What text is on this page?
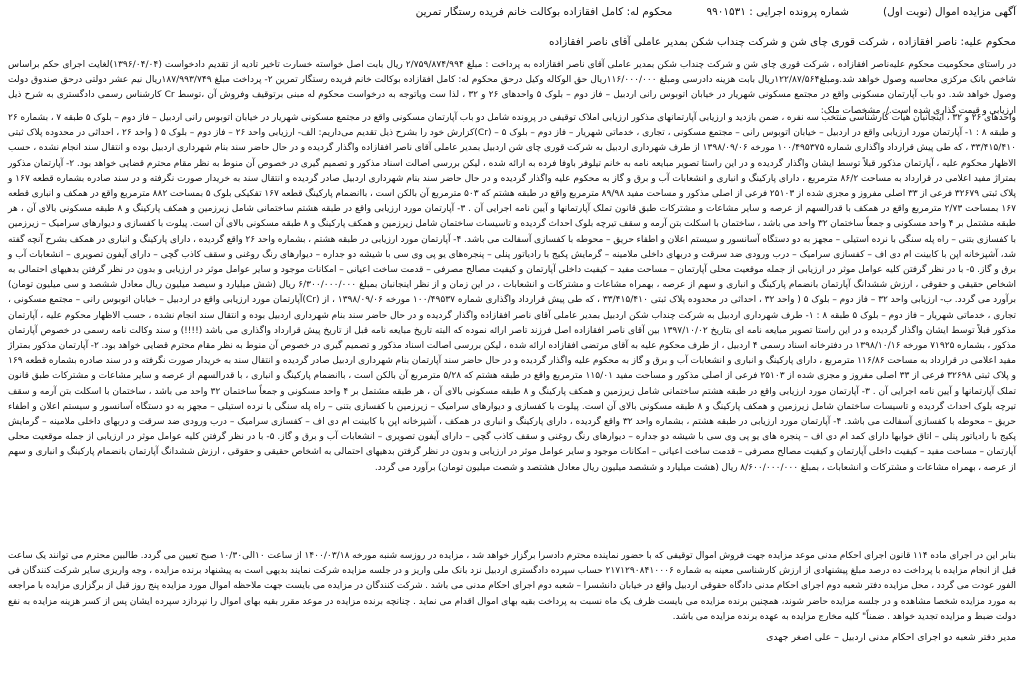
آگهی مزایده اموال (نوبت اول)
شماره پرونده اجرایی : ۹۹۰۱۵۳۱
محکوم له: کامل افقازاده بوکالت خانم فریده رستگار تمرین
محکوم علیه: ناصر افقازاده ، شرکت قوری چای شن و شرکت چنداب شکن بمدیر عاملی آقای ناصر افقازاده

در راستای محکومیت محکوم علیه‌ناصر افقازاده ، شرکت قوری چای شن و شرکت چنداب شکن بمدیر عاملی آقای ناصر افقازاده به پرداخت : مبلغ ۲/۷۵۹/۸۷۴/۹۹۴ ریال بابت اصل خواسته خسارت تاخیر تادیه از تقدیم دادخواست (۱۳۹۶/۰۴/۰۴)لغایت اجرای حکم براساس شاخص بانک مرکزی محاسبه وصول خواهد شد.ومبلغ۱۲۲/۸۷/۵۶۴ریال بابت هزینه دادرسی ومبلغ ۱۱۶/۰۰۰/۰۰۰ریال حق الوکاله وکیل درحق محکوم له: کامل افقازاده بوکالت خانم فریده رستگار تمرین ۲- پرداخت مبلغ ۱۸۷/۹۹۳/۷۴۹ریال نیم عشر دولتی درحق صندوق دولت وصول خواهد شد. دو باب آپارتمان مسکونی واقع در مجتمع مسکونی شهریار در خیابان اتوبوس رانی اردبیل – فاز دوم – بلوک ۵ واحدهای ۲۶ و ۳۲ ، لذا ست ویاتوجه به درخواست محکوم له مبنی برتوقیف وفروش آن ،توسط Cr کارشناس رسمی دادگستری به شرح ذیل ارزیابی و قیمت گذاری شده است./. مشخصات ملک:

واحدهای ۲۶ و ۳۲ ، اینجانبان هیات کارشناسی منتخب سه نفره ، ضمن بازدید و ارزیابی آپارتمانهای مذکور ارزیابی املاک توقیفی در پرونده شامل دو باب آپارتمان مسکونی واقع در مجتمع مسکونی شهریار در خیابان اتوبوس رانی اردبیل – فاز دوم – بلوک ۵ طبقه ۷ ، بشماره ۲۶ و طبقه ۸ : ۱- آپارتمان مورد ارزیابی واقع در اردبیل – خیابان اتوبوس رانی – مجتمع مسکونی ، تجاری ، خدماتی شهریار – فاز دوم – بلوک ۵ – (Cr)کزارش خود را بشرح ذیل تقدیم می‌داریم: الف- ارزیابی واحد ۲۶ – فاز دوم – بلوک ۵ ( واحد ۲۶ ، احداثی در محدوده پلاک ثبتی ۳۳/۴۱۵/۴۱۰ ، که طی پیش قرارداد واگذاری شماره ۱۰۰/۴۹۵۳۷۵ مورخه ۱۳۹۸/۰۹/۰۶ از طرف شهرداری اردبیل به شرکت قوری چای شن اردبیل بمدیر عاملی آقای ناصر افقازاده واگذار گردیده و در حال حاضر سند بنام شهرداری اردبیل بوده و انتقال سند انجام نشده ، حسب الاظهار محکوم علیه ، آپارتمان مذکور قبلاً توسط ایشان واگذار گردیده و در این راستا تصویر مبایعه نامه به خانم تیلوفر باوفا فرده به ارائه شده ، لیکن بررسی اصالت اسناد مذکور و تصمیم گیری در خصوص آن منوط به نظر مقام محترم قضایی خواهد بود. ۲- آپارتمان مذکور بمتراژ مفید اعلامی در قرارداد به مساحت ۸۶/۲ مترمربع ، دارای پارکینگ و انباری و انشعابات آب و برق و گاز به محکوم علیه واگذار گردیده و در حال حاضر سند بنام شهرداری اردبیل صادر گردیده و انتقال سند به خریدار صورت نگرفته و در سند صادره بشماره قطعه ۱۶۷ و پلاک ثبتی ۳۲۶۷۹ فرعی از ۳۳ اصلی مفروز و مجزی شده از ۲۵۱۰۳ فرعی از اصلی مذکور و مساحت مفید ۸۹/۹۸ مترمربع واقع در طبقه هشتم که ۵۰۳ مترمربع آن بالکن است ، باانضمام پارکینگ قطعه ۱۶۷ تفکیکی بلوک ۵ بمساحت ۸۸۲ مترمربع واقع در همکف و انباری قطعه ۱۶۷ بمساحت ۲/۷۳ مترمربع واقع در همکف با قدرالسهم از عرصه و سایر مشاعات و مشترکات طبق قانون تملک آپارتمانها و آیین نامه اجرایی آن . ۳- آپارتمان مورد ارزیابی واقع در طبقه هشتم ساختمانی شامل زیرزمین و همکف پارکینگ و ۸ طبقه مسکونی بالای آن ، هر طبقه مشتمل بر ۴ واحد مسکونی و جمعاً ساختمان ۳۲ واحد می باشد ، ساختمان با اسکلت بتن آرمه و سقف تیرچه بلوک احداث گردیده و تاسیسات ساختمان شامل زیرزمین و همکف پارکینگ و ۸ طبقه مسکونی بالای آن است. پیلوت با کفسازی و دیوارهای سرامیک – زیرزمین با کفسازی بتنی – راه پله سنگی با نرده استیلی – مجهز به دو دستگاه آسانسور و سیستم اعلان و اطفاء حریق – محوطه با کفسازی آسفالت می باشد. ۴- آپارتمان مورد ارزیابی در طبقه هشتم ، بشماره واحد ۲۶ واقع گردیده ، دارای پارکینگ و انباری در همکف بشرح آنچه گفته شد، آشپزخانه اپن با کابینت ام دی اف – کفسازی سرامیک – درب ورودی ضد سرقت و دربهای داخلی ملامینه – گرمایش پکیج با رادیاتور پنلی – پنجره‌های یو پی وی سی با شیشه دو جداره – دیوارهای رنگ روغنی و سقف کاذب گچی – دارای آیفون تصویری – انشعابات آب و برق و گاز. ۵- با در نظر گرفتن کلیه عوامل موثر در ارزیابی از جمله موقعیت محلی آپارتمان – مساحت مفید – کیفیت داخلی آپارتمان و کیفیت مصالح مصرفی – قدمت ساخت اعیانی – امکانات موجود و سایر عوامل موثر در ارزیابی و بدون در نظر گرفتن بدهیهای احتمالی به اشخاص حقیقی و حقوقی ، ارزش ششدانگ آپارتمان بانضمام پارکینگ و انباری و سهم از عرصه ، بهمراه مشاعات و مشترکات و انشعابات ، در این زمان و از نظر اینجانبان بمبلغ ۶/۳۰۰/۰۰۰/۰۰۰ ریال (شش میلیارد و سیصد میلیون ریال معادل ششصد و سی میلیون تومان) برآورد می گردد. ب- ارزیابی واحد ۳۲ – فاز دوم – بلوک ۵ ( واحد ۳۲ ، احداثی در محدوده پلاک ثبتی ۳۳/۴۱۵/۴۱۰ ، که طی پیش قرارداد واگذاری شماره ۱۰۰/۴۹۵۳۷ مورخه ۱۳۹۸/۰۹/۰۶ ، از (Cr)آپارتمان مورد ارزیابی واقع در اردبیل – خیابان اتوبوس رانی – مجتمع مسکونی ، تجاری ، خدماتی شهریار – فاز دوم – بلوک ۵ طبقه ۸ : ۱- طرف شهرداری اردبیل به شرکت چنداب شکن اردبیل بمدیر عاملی آقای ناصر افقازاده واگذار گردیده و در حال حاضر سند بنام شهرداری اردبیل بوده و انتقال سند انجام نشده ، حسب الاظهار محکوم علیه ، آپارتمان مذکور قبلاً توسط ایشان واگذار گردیده و در این راستا تصویر مبایعه نامه ای بتاریخ ۱۳۹۷/۱۰/۰۲ بین آقای ناصر افقازاده اصل فرزند تاصر ارائه نموده که البته تاریخ مبایعه نامه قبل از تاریخ پیش قرارداد واگذاری می باشد (!!!!) و سند وکالت نامه رسمی در خصوص آپارتمان مذکور ، بشماره ۷۱۹۲۵ مورخه ۱۳۹۸/۱۰/۱۶ در دفترخانه اسناد رسمی ۴ اردبیل ، از طرف محکوم علیه به آقای مرتضی افقازاده ارائه شده ، لیکن بررسی اصالت اسناد مذکور و تصمیم گیری در خصوص آن منوط به نظر مقام محترم قضایی خواهد بود. ۲- آپارتمان مذکور بمتراژ مفید اعلامی در قرارداد به مساحت ۱۱۶/۸۶ مترمربع ، دارای پارکینگ و انباری و انشعابات آب و برق و گاز به محکوم علیه واگذار گردیده و در حال حاضر سند آپارتمان بنام شهرداری اردبیل صادر گردیده و انتقال سند به خریدار صورت نگرفته و در سند صادره بشماره قطعه ۱۶۹ و پلاک ثبتی ۳۲۶۹۸ فرعی از ۳۳ اصلی مفروز و مجزی شده از ۲۵۱۰۳ فرعی از اصلی مذکور و مساحت مفید ۱۱۵/۰۱ مترمربع واقع در طبقه هشتم که ۵/۲۸ مترمربع آن بالکن است ، باانضمام پارکینگ و انباری ، با قدرالسهم از عرصه و سایر مشاعات و مشترکات طبق قانون تملک آپارتمانها و آیین نامه اجرایی آن . ۳- آپارتمان مورد ارزیابی واقع در طبقه هشتم ساختمانی شامل زیرزمین و همکف پارکینگ و ۸ طبقه مسکونی بالای آن ، هر طبقه مشتمل بر ۴ واحد مسکونی و جمعاً ساختمان ۳۲ واحد می باشد ، ساختمان با اسکلت بتن آرمه و سقف تیرچه بلوک احداث گردیده و تاسیسات ساختمان شامل زیرزمین و همکف پارکینگ و ۸ طبقه مسکونی بالای آن است. پیلوت با کفسازی و دیوارهای سرامیک – زیرزمین با کفسازی بتنی – راه پله سنگی با نرده استیلی – مجهز به دو دستگاه آسانسور و سیستم اعلان و اطفاء حریق – محوطه با کفسازی آسفالت می باشد. ۴- آپارتمان مورد ارزیابی در طبقه هشتم ، بشماره واحد ۳۲ واقع گردیده ، دارای پارکینگ و انباری در همکف ، آشپزخانه اپن با کابینت ام دی اف – کفسازی سرامیک – درب ورودی ضد سرقت و دربهای داخلی ملامینه – گرمایش پکیج با رادیاتور پنلی – اتاق خوابها دارای کمد ام دی اف – پنجره های یو پی وی سی با شیشه دو جداره – دیوارهای رنگ روغنی و سقف کاذب گچی – دارای آیفون تصویری – انشعابات آب و برق و گاز. ۵- با در نظر گرفتن کلیه عوامل موثر در ارزیابی از جمله موقعیت محلی آپارتمان – مساحت مفید – کیفیت داخلی آپارتمان و کیفیت مصالح مصرفی – قدمت ساخت اعیانی – امکانات موجود و سایر عوامل موثر در ارزیابی و بدون در نظر گرفتن بدهیهای احتمالی به اشخاص حقیقی و حقوقی ، ارزش ششدانگ آپارتمان بانضمام پارکینگ و انباری و سهم از عرصه ، بهمراه مشاعات و مشترکات و انشعابات ، بمبلغ ۸/۶۰۰/۰۰۰/۰۰۰ ریال (هشت میلیارد و ششصد میلیون ریال معادل هشتصد و شصت میلیون تومان) برآورد می گردد.

بنابر این در اجرای ماده ۱۱۴ قانون اجرای احکام مدنی موعد مزایده جهت فروش اموال توقیفی که با حضور نماینده محترم دادسرا برگزار خواهد شد ، مزایده در روزسه شنبه مورخه ۱۴۰۰/۰۳/۱۸ از ساعت ۱۰الی۱۰/۳۰ صبح تعیین می گردد. طالبین محترم می توانند یک ساعت قبل از انجام مزایده با پرداخت ده درصد مبلغ پیشنهادی از ارزش کارشناسی معینه به شماره ۲۱۷۱۲۹۰۸۴۱۰۰۰۶ حساب سپرده دادگستری اردبیل نزد بانک ملی واریز و در جلسه مزایده شرکت نمایند بدیهی است به پیشنهاد برنده مزایده ، وجه واریزی سایر شرکت کنندگان فی الفور عودت می گردد ، محل مزایده دفتر شعبه دوم اجرای احکام مدنی دادگاه حقوقی اردبیل واقع در خیابان دانشسرا – شعبه دوم اجرای احکام مدنی می باشد . شرکت کنندگان در مزایده می بایست جهت ملاحظه اموال مورد مزایده پنج روز قبل از برگزاری مزایده با مراجعه به مورد مزایده شخصا مشاهده و در جلسه مزایده حاضر شوند، همچنین برنده مزایده می بایست ظرف یک ماه نسبت به پرداخت بقیه بهای اموال اقدام می نماید . چنانچه برنده مزایده در موعد مقرر بقیه بهای اموال را نپردازد سپرده ایشان پس از کسر هزینه مزایده به نفع دولت ضبط و مزایده تجدید خواهد . ضمناً" کلیه مخارج مزایده به عهده برنده مزایده می باشد.

مدیر دفتر شعبه دو اجرای احکام مدنی اردبیل – علی اصغر جهدی
